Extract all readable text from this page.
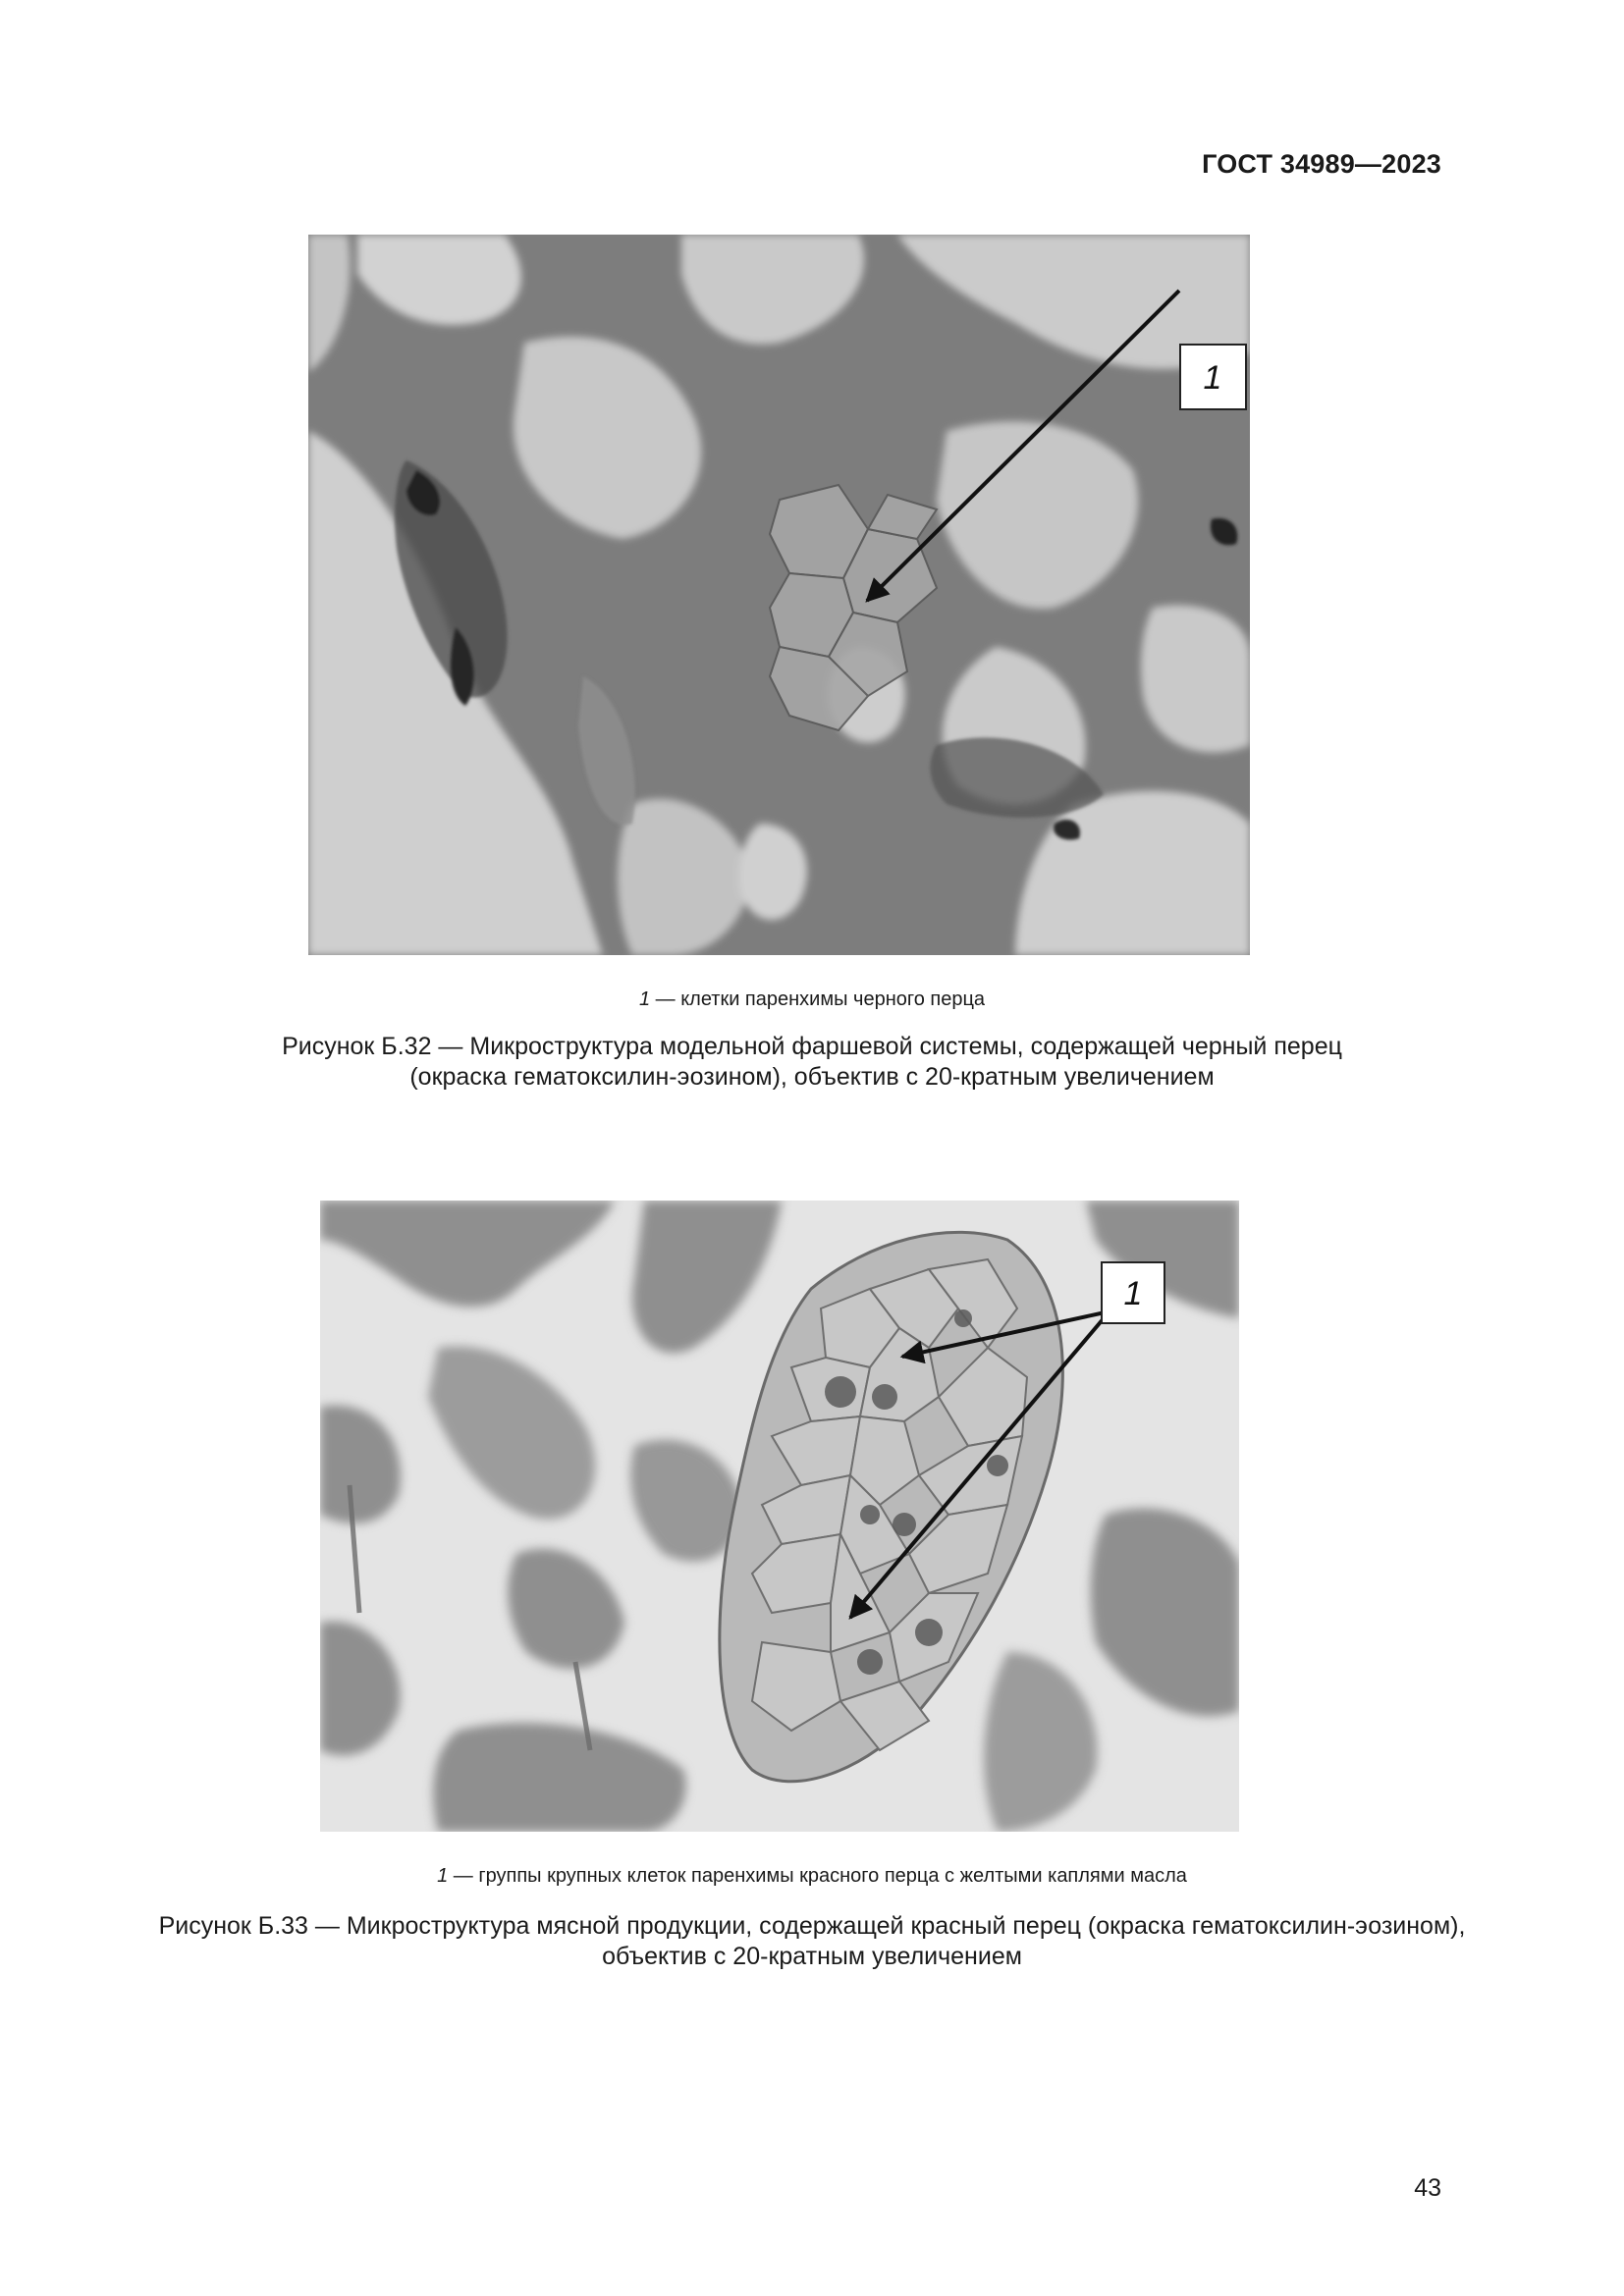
ГОСТ 34989—2023
1
1 — клетки паренхимы черного перца
Рисунок Б.32 — Микроструктура модельной фаршевой системы, содержащей черный перец
(окраска гематоксилин-эозином), объектив с 20-кратным увеличением
1
1 — группы крупных клеток паренхимы красного перца с желтыми каплями масла
Рисунок Б.33 — Микроструктура мясной продукции, содержащей красный перец (окраска гематоксилин-эозином),
объектив с 20-кратным увеличением
43
